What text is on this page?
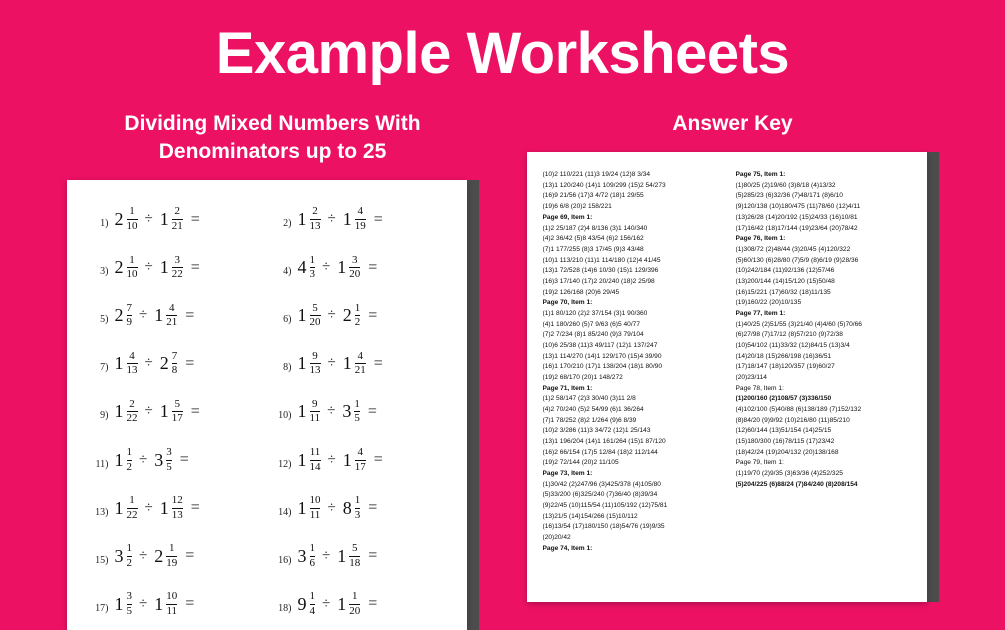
Example Worksheets
Dividing Mixed Numbers With Denominators up to 25
1) $2 \frac{1}{10} \div 1 \frac{2}{21}$ =	2) $1 \frac{2}{13} \div 1 \frac{4}{19}$ =
3) $2 \frac{1}{10} \div 1 \frac{3}{22}$ =	4) $4 \frac{1}{3} \div 1 \frac{3}{20}$ =
5) $2 \frac{7}{9} \div 1 \frac{4}{21}$ =	6) $1 \frac{5}{20} \div 2 \frac{1}{2}$ =
7) $1 \frac{4}{13} \div 2 \frac{7}{8}$ =	8) $1 \frac{9}{13} \div 1 \frac{4}{21}$ =
9) $1 \frac{2}{22} \div 1 \frac{5}{17}$ =	10) $1 \frac{9}{11} \div 3 \frac{1}{5}$ =
11) $1 \frac{1}{2} \div 3 \frac{3}{5}$ =	12) $1 \frac{11}{14} \div 1 \frac{4}{17}$ =
13) $1 \frac{1}{22} \div 1 \frac{12}{13}$ =	14) $1 \frac{10}{11} \div 8 \frac{1}{3}$ =
15) $3 \frac{1}{2} \div 2 \frac{1}{19}$ =	16) $3 \frac{1}{6} \div 1 \frac{5}{18}$ =
17) $1 \frac{3}{5} \div 1 \frac{10}{11}$ =	18) $9 \frac{1}{4} \div 1 \frac{1}{20}$ =
Answer Key
(10)2 110/221 (11)3 19/24 (12)8 3/34
(13)1 120/240 (14)1 109/299 (15)2 54/273
(16)9 21/56 (17)3 4/72 (18)1 29/55
(19)6 6/8 (20)2 158/221
Page 69, Item 1:
(1)2 25/187 (2)4 8/136 (3)1 140/340
(4)2 36/42 (5)8 43/54 (6)2 156/162
(7)1 177/255 (8)3 17/45 (9)3 43/48
(10)1 113/210 (11)1 114/180 (12)4 41/45
(13)1 72/528 (14)6 10/30 (15)1 129/396
(16)3 17/140 (17)2 20/240 (18)2 25/98
(19)2 126/168 (20)6 29/45
Page 70, Item 1:
(1)1 80/120 (2)2 37/154 (3)1 90/360
(4)1 180/260 (5)7 9/63 (6)5 40/77
(7)2 7/234 (8)1 85/240 (9)3 79/104
(10)6 25/38 (11)3 49/117 (12)1 137/247
(13)1 114/270 (14)1 129/170 (15)4 39/90
(16)1 170/210 (17)1 138/204 (18)1 80/90
(19)2 68/170 (20)1 148/272
Page 71, Item 1:
(1)2 58/147 (2)3 30/40 (3)11 2/8
(4)2 70/240 (5)2 54/99 (6)1 36/264
(7)1 78/252 (8)2 1/264 (9)6 8/39
(10)2 3/286 (11)3 34/72 (12)1 25/143
(13)1 196/204 (14)1 161/264 (15)1 87/120
(16)2 66/154 (17)5 12/84 (18)2 112/144
(19)2 72/144 (20)2 11/105
Page 73, Item 1:
(1)30/42 (2)247/96 (3)425/378 (4)105/80
(5)33/200 (6)325/240 (7)36/40 (8)39/34
(9)22/45 (10)115/54 (11)105/192 (12)75/81
(13)21/5 (14)154/266 (15)10/112
(16)13/54 (17)180/150 (18)54/76 (19)9/35
(20)20/42
Page 74, Item 1:
Page 75, Item 1:
(1)80/25 (2)19/60 (3)8/18 (4)13/32
(5)285/23 (6)32/36 (7)48/171 (8)6/10
(9)120/138 (10)180/475 (11)78/60 (12)4/11
(13)26/28 (14)20/192 (15)24/33 (16)10/81
(17)16/42 (18)17/144 (19)23/64 (20)78/42
Page 76, Item 1:
(1)308/72 (2)48/44 (3)20/45 (4)120/322
(5)60/130 (6)28/80 (7)5/9 (8)6/19 (9)28/36
(10)242/184 (11)92/136 (12)57/46
(13)200/144 (14)15/120 (15)50/48
(16)15/221 (17)60/32 (18)11/135
(19)160/22 (20)10/135
Page 77, Item 1:
(1)40/25 (2)51/55 (3)21/40 (4)4/60 (5)70/66
(6)27/98 (7)17/12 (8)57/210 (9)72/38
(10)54/102 (11)33/32 (12)84/15 (13)3/4
(14)20/18 (15)266/198 (16)36/51
(17)18/147 (18)120/357 (19)60/27
(20)23/114
Page 78, Item 1:
(1)200/160 (2)108/57 (3)336/150
(4)102/100 (5)40/88 (6)138/189 (7)152/132
(8)84/20 (9)9/92 (10)216/80 (11)85/210
(12)60/144 (13)51/154 (14)25/15
(15)180/300 (16)78/115 (17)23/42
(18)42/24 (19)204/132 (20)138/168
Page 79, Item 1:
(1)19/70 (2)9/35 (3)63/36 (4)252/325
(5)204/225 (6)88/24 (7)84/240 (8)208/154
